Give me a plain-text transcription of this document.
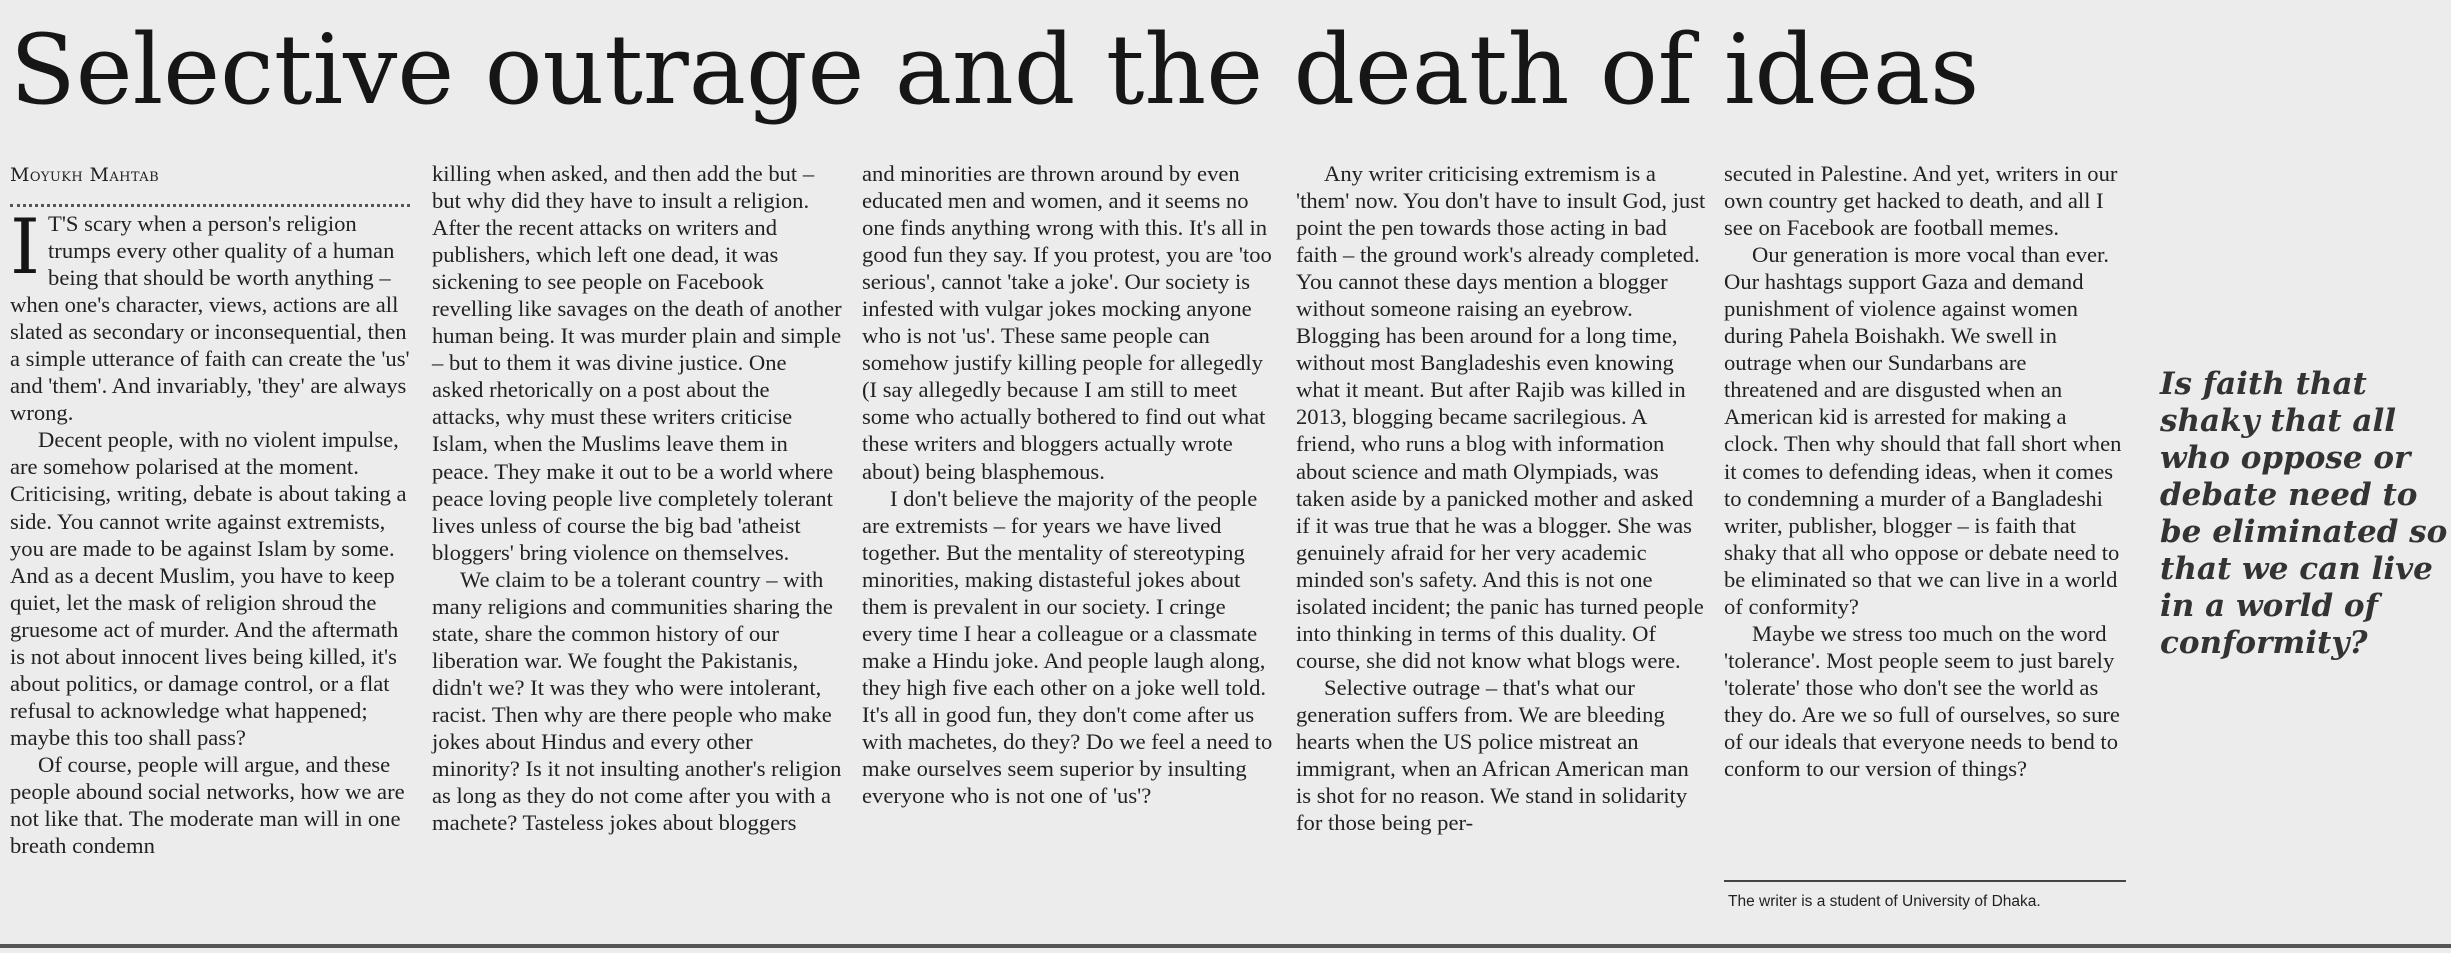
Selective outrage and the death of ideas
Moyukh Mahtab

I T'S scary when a person's religion trumps every other quality of a human being that should be worth anything – when one's character, views, actions are all slated as secondary or inconsequential, then a simple utterance of faith can create the 'us' and 'them'. And invariably, 'they' are always wrong.

Decent people, with no violent impulse, are somehow polarised at the moment. Criticising, writing, debate is about taking a side. You cannot write against extremists, you are made to be against Islam by some. And as a decent Muslim, you have to keep quiet, let the mask of religion shroud the gruesome act of murder. And the aftermath is not about innocent lives being killed, it's about politics, or damage control, or a flat refusal to acknowledge what happened; maybe this too shall pass?

Of course, people will argue, and these people abound social networks, how we are not like that. The moderate man will in one breath condemn

killing when asked, and then add the but – but why did they have to insult a religion. After the recent attacks on writers and publishers, which left one dead, it was sickening to see people on Facebook revelling like savages on the death of another human being. It was murder plain and simple – but to them it was divine justice. One asked rhetorically on a post about the attacks, why must these writers criticise Islam, when the Muslims leave them in peace. They make it out to be a world where peace loving people live completely tolerant lives unless of course the big bad 'atheist bloggers' bring violence on themselves.

We claim to be a tolerant country – with many religions and communities sharing the state, share the common history of our liberation war. We fought the Pakistanis, didn't we? It was they who were intolerant, racist. Then why are there people who make jokes about Hindus and every other minority? Is it not insulting another's religion as long as they do not come after you with a machete? Tasteless jokes about bloggers

and minorities are thrown around by even educated men and women, and it seems no one finds anything wrong with this. It's all in good fun they say. If you protest, you are 'too serious', cannot 'take a joke'. Our society is infested with vulgar jokes mocking anyone who is not 'us'. These same people can somehow justify killing people for allegedly (I say allegedly because I am still to meet some who actually bothered to find out what these writers and bloggers actually wrote about) being blasphemous.

I don't believe the majority of the people are extremists – for years we have lived together. But the mentality of stereotyping minorities, making distasteful jokes about them is prevalent in our society. I cringe every time I hear a colleague or a classmate make a Hindu joke. And people laugh along, they high five each other on a joke well told. It's all in good fun, they don't come after us with machetes, do they? Do we feel a need to make ourselves seem superior by insulting everyone who is not one of 'us'?

Any writer criticising extremism is a 'them' now. You don't have to insult God, just point the pen towards those acting in bad faith – the ground work's already completed. You cannot these days mention a blogger without someone raising an eyebrow. Blogging has been around for a long time, without most Bangladeshis even knowing what it meant. But after Rajib was killed in 2013, blogging became sacrilegious. A friend, who runs a blog with information about science and math Olympiads, was taken aside by a panicked mother and asked if it was true that he was a blogger. She was genuinely afraid for her very academic minded son's safety. And this is not one isolated incident; the panic has turned people into thinking in terms of this duality. Of course, she did not know what blogs were.

Selective outrage – that's what our generation suffers from. We are bleeding hearts when the US police mistreat an immigrant, when an African American man is shot for no reason. We stand in solidarity for those being per-

secuted in Palestine. And yet, writers in our own country get hacked to death, and all I see on Facebook are football memes.

Our generation is more vocal than ever. Our hashtags support Gaza and demand punishment of violence against women during Pahela Boishakh. We swell in outrage when our Sundarbans are threatened and are disgusted when an American kid is arrested for making a clock. Then why should that fall short when it comes to defending ideas, when it comes to condemning a murder of a Bangladeshi writer, publisher, blogger – is faith that shaky that all who oppose or debate need to be eliminated so that we can live in a world of conformity?

Maybe we stress too much on the word 'tolerance'. Most people seem to just barely 'tolerate' those who don't see the world as they do. Are we so full of ourselves, so sure of our ideals that everyone needs to bend to conform to our version of things?

The writer is a student of University of Dhaka.
Is faith that
shaky that all
who oppose or
debate need to
be eliminated so
that we can live
in a world of
conformity?
